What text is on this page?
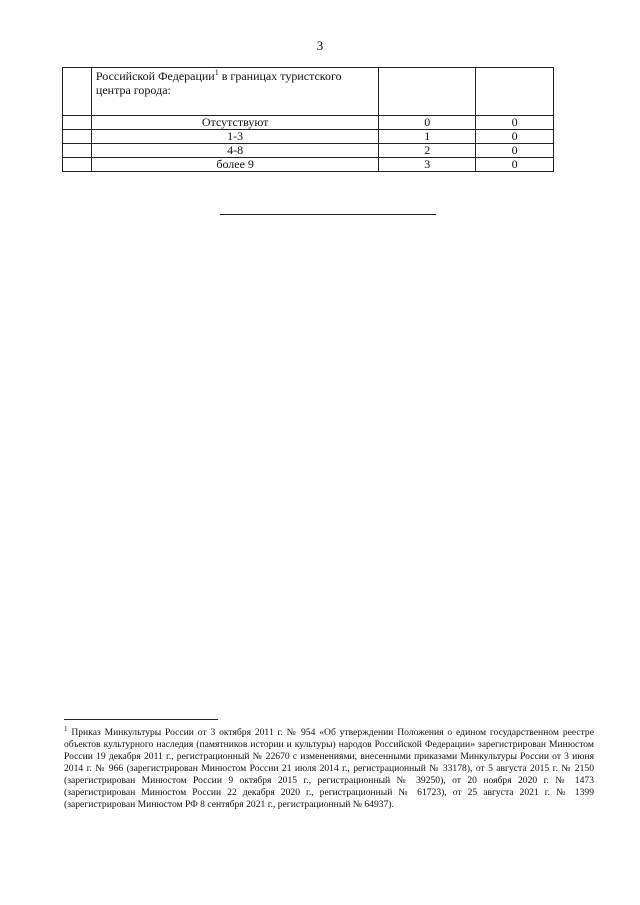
3
	Российской Федерации$^1$ в границах туристского центра города:		
	Отсутствуют	0	0
	1-3	1	0
	4-8	2	0
	более 9	3	0
$^1$ Приказ Минкультуры России от 3 октября 2011 г. № 954 «Об утверждении Положения о едином государственном реестре объектов культурного наследия (памятников истории и культуры) народов Российской Федерации» зарегистрирован Минюстом России 19 декабря 2011 г., регистрационный № 22670 с изменениями, внесенными приказами Минкультуры России от 3 июня 2014 г. № 966 (зарегистрирован Минюстом России 21 июля 2014 г., регистрационный № 33178), от 5 августа 2015 г. № 2150 (зарегистрирован Минюстом России 9 октября 2015 г., регистрационный № 39250), от 20 ноября 2020 г. № 1473 (зарегистрирован Минюстом России 22 декабря 2020 г., регистрационный № 61723), от 25 августа 2021 г. № 1399 (зарегистрирован Минюстом РФ 8 сентября 2021 г., регистрационный № 64937).
